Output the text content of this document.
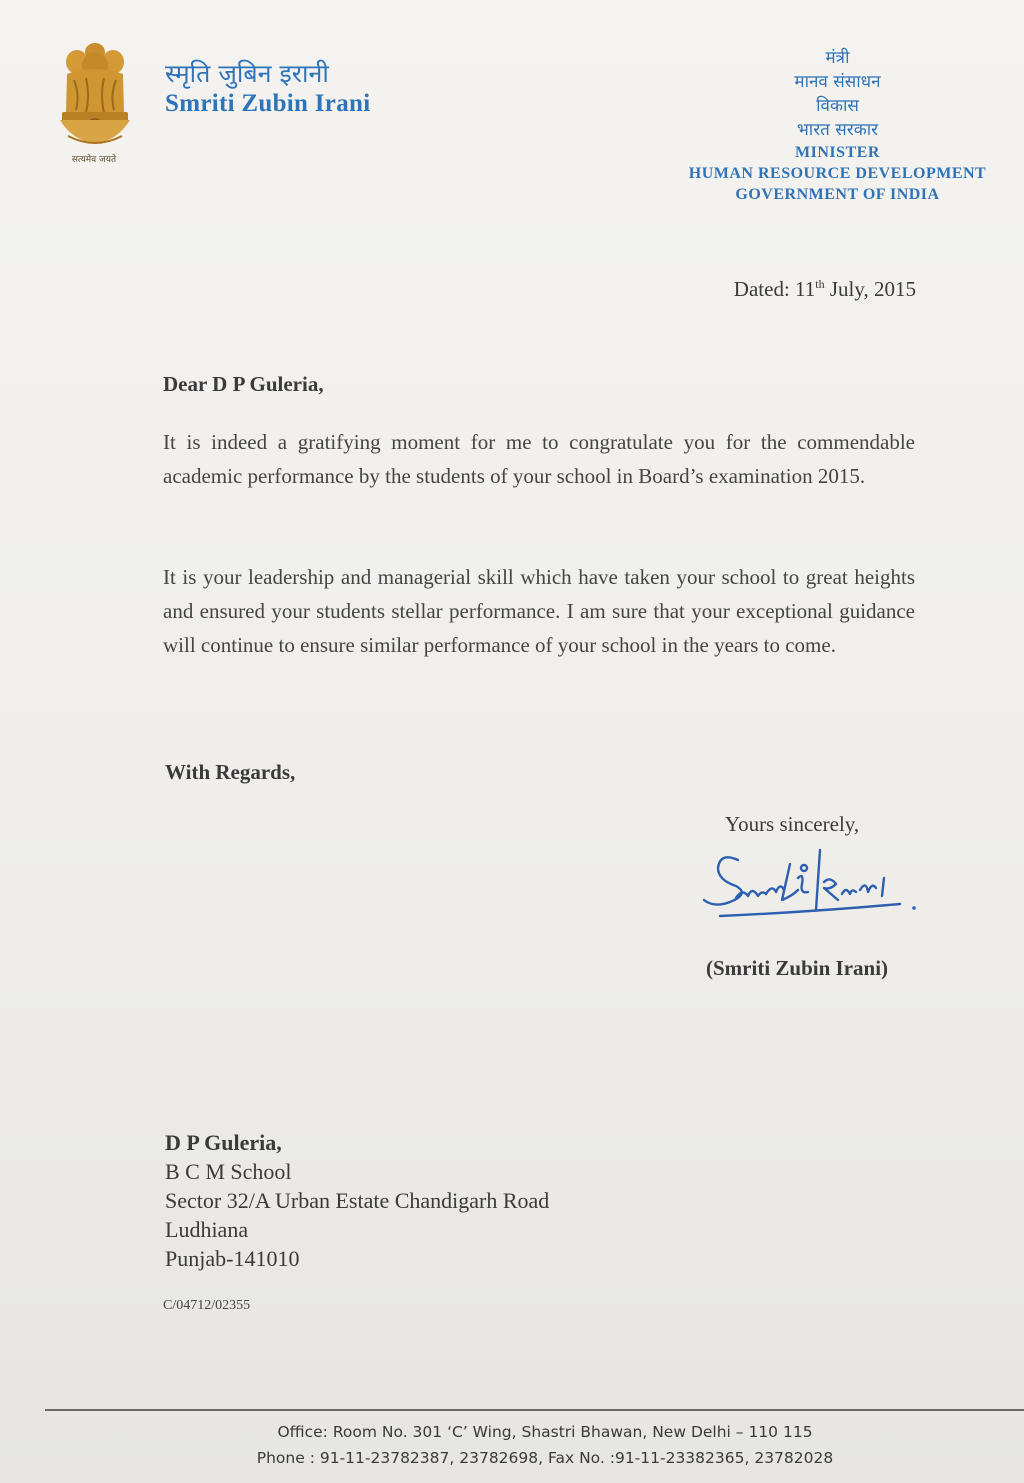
सत्यमेव जयते
स्मृति जुबिन इरानी
Smriti Zubin Irani
मंत्री
मानव संसाधन
विकास
भारत सरकार
MINISTER
HUMAN RESOURCE DEVELOPMENT
GOVERNMENT OF INDIA
Dated: 11th July, 2015
Dear D P Guleria,
It is indeed a gratifying moment for me to congratulate you for the commendable academic performance by the students of your school in Board’s examination 2015.
It is your leadership and managerial skill which have taken your school to great heights and ensured your students stellar performance. I am sure that your exceptional guidance will continue to ensure similar performance of your school in the years to come.
With Regards,
Yours sincerely,
(Smriti Zubin Irani)
D P Guleria,
B C M School
Sector 32/A Urban Estate Chandigarh Road
Ludhiana
Punjab-141010
C/04712/02355
Office: Room No. 301 ‘C’ Wing, Shastri Bhawan, New Delhi – 110 115
Phone : 91-11-23782387, 23782698, Fax No. :91-11-23382365, 23782028
